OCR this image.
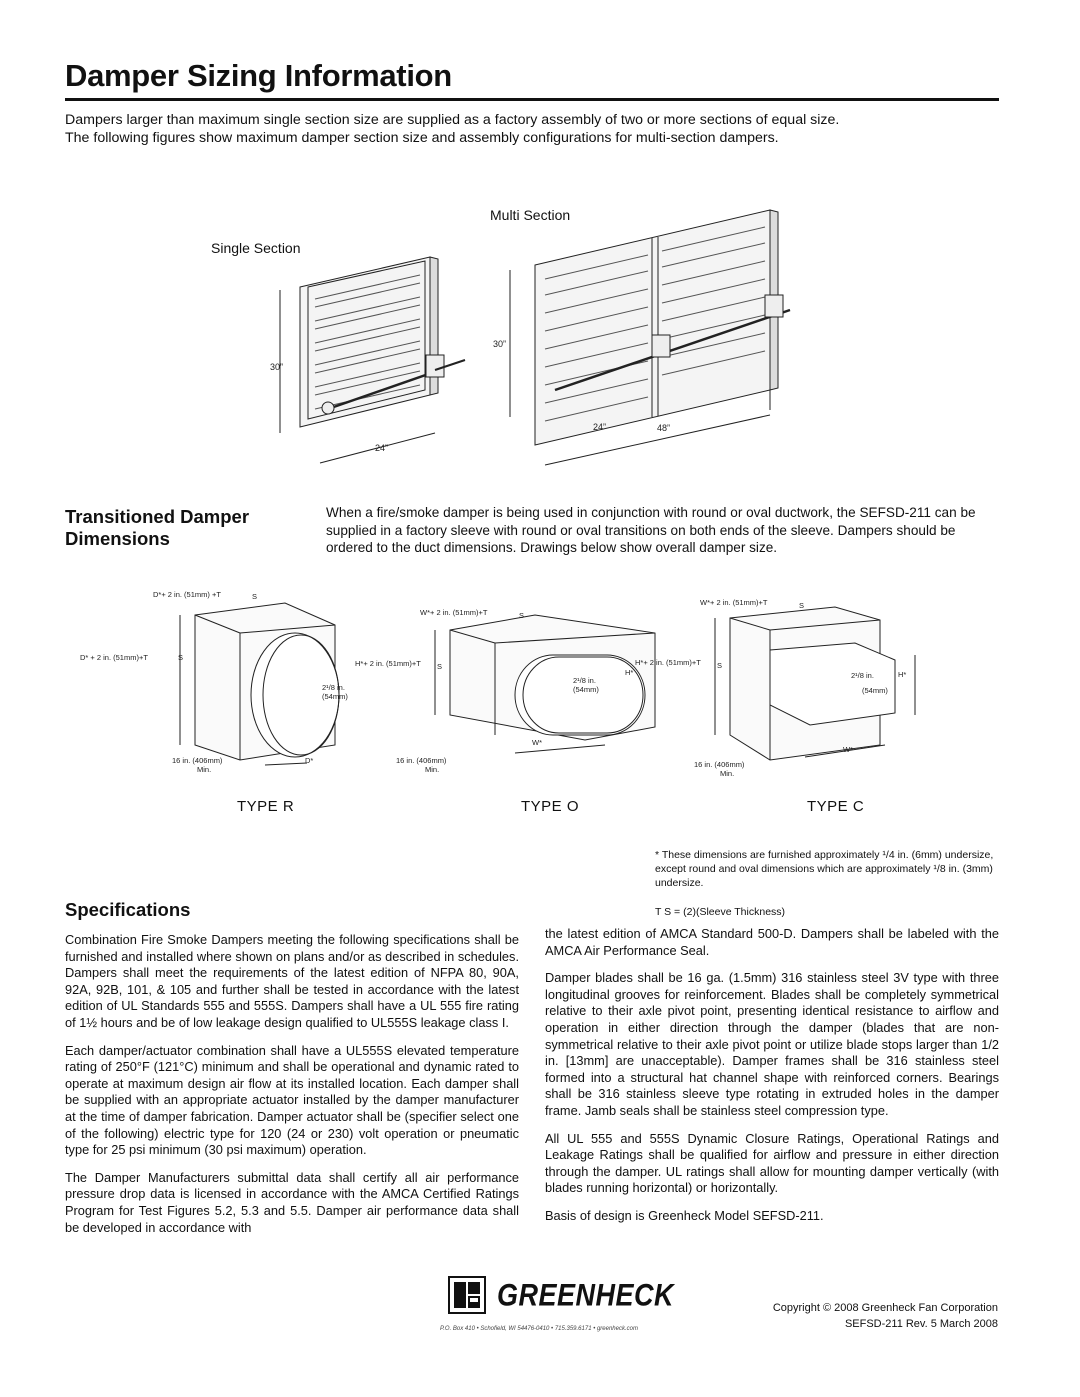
Damper Sizing Information

Dampers larger than maximum single section size are supplied as a factory assembly of two or more sections of equal size.

The following figures show maximum damper section size and assembly configurations for multi-section dampers.

Single Section
Multi Section
30”
24”
30”
24”	48”
Transitioned Damper Dimensions
When a fire/smoke damper is being used in conjunction with round or oval ductwork, the SEFSD-211 can be supplied in a factory sleeve with round or oval transitions on both ends of the sleeve. Dampers should be ordered to the duct dimensions. Drawings below show overall damper size.
D*+ 2 in. (51mm) +T	S
D* + 2 in. (51mm)+T	S
2¹/8 in.
(54mm)
16 in. (406mm)
Min.
D*
W*+ 2 in. (51mm)+T	S
H*+ 2 in. (51mm)+T S
2¹/8 in.
(54mm)
H*
W*
16 in. (406mm)
Min.
W*+ 2 in. (51mm)+T	S
H*+ 2 in. (51mm)+T S
2¹/8 in.
(54mm)
H*
W*
16 in. (406mm)
Min.
TYPE R	TYPE O	TYPE C
* These dimensions are furnished approximately ¹/4 in. (6mm) undersize, except round and oval dimensions which are approximately ¹/8 in. (3mm) undersize.
T S = (2)(Sleeve Thickness)
Specifications

Combination Fire Smoke Dampers meeting the following specifications shall be furnished and installed where shown on plans and/or as described in schedules. Dampers shall meet the requirements of the latest edition of NFPA 80, 90A, 92A, 92B, 101, & 105 and further shall be tested in accordance with the latest edition of UL Standards 555 and 555S. Dampers shall have a UL 555 fire rating of 1½ hours and be of low leakage design qualified to UL555S leakage class I.

Each damper/actuator combination shall have a UL555S elevated temperature rating of 250°F (121°C) minimum and shall be operational and dynamic rated to operate at maximum design air flow at its installed location. Each damper shall be supplied with an appropriate actuator installed by the damper manufacturer at the time of damper fabrication. Damper actuator shall be (specifier select one of the following) electric type for 120 (24 or 230) volt operation or pneumatic type for 25 psi minimum (30 psi maximum) operation.

The Damper Manufacturers submittal data shall certify all air performance pressure drop data is licensed in accordance with the AMCA Certified Ratings Program for Test Figures 5.2, 5.3 and 5.5. Damper air performance data shall be developed in accordance with

the latest edition of AMCA Standard 500-D. Dampers shall be labeled with the AMCA Air Performance Seal.

Damper blades shall be 16 ga. (1.5mm) 316 stainless steel 3V type with three longitudinal grooves for reinforcement. Blades shall be completely symmetrical relative to their axle pivot point, presenting identical resistance to airflow and operation in either direction through the damper (blades that are non-symmetrical relative to their axle pivot point or utilize blade stops larger than 1/2 in. [13mm] are unacceptable). Damper frames shall be 316 stainless steel formed into a structural hat channel shape with reinforced corners. Bearings shall be 316 stainless sleeve type rotating in extruded holes in the damper frame. Jamb seals shall be stainless steel compression type.

All UL 555 and 555S Dynamic Closure Ratings, Operational Ratings and Leakage Ratings shall be qualified for airflow and pressure in either direction through the damper. UL ratings shall allow for mounting damper vertically (with blades running horizontal) or horizontally.

Basis of design is Greenheck Model SEFSD-211.

GREENHECK
P.O. Box 410 • Schofield, WI 54476-0410 • 715.359.6171 • greenheck.com
Copyright © 2008 Greenheck Fan Corporation
SEFSD-211 Rev. 5 March 2008
